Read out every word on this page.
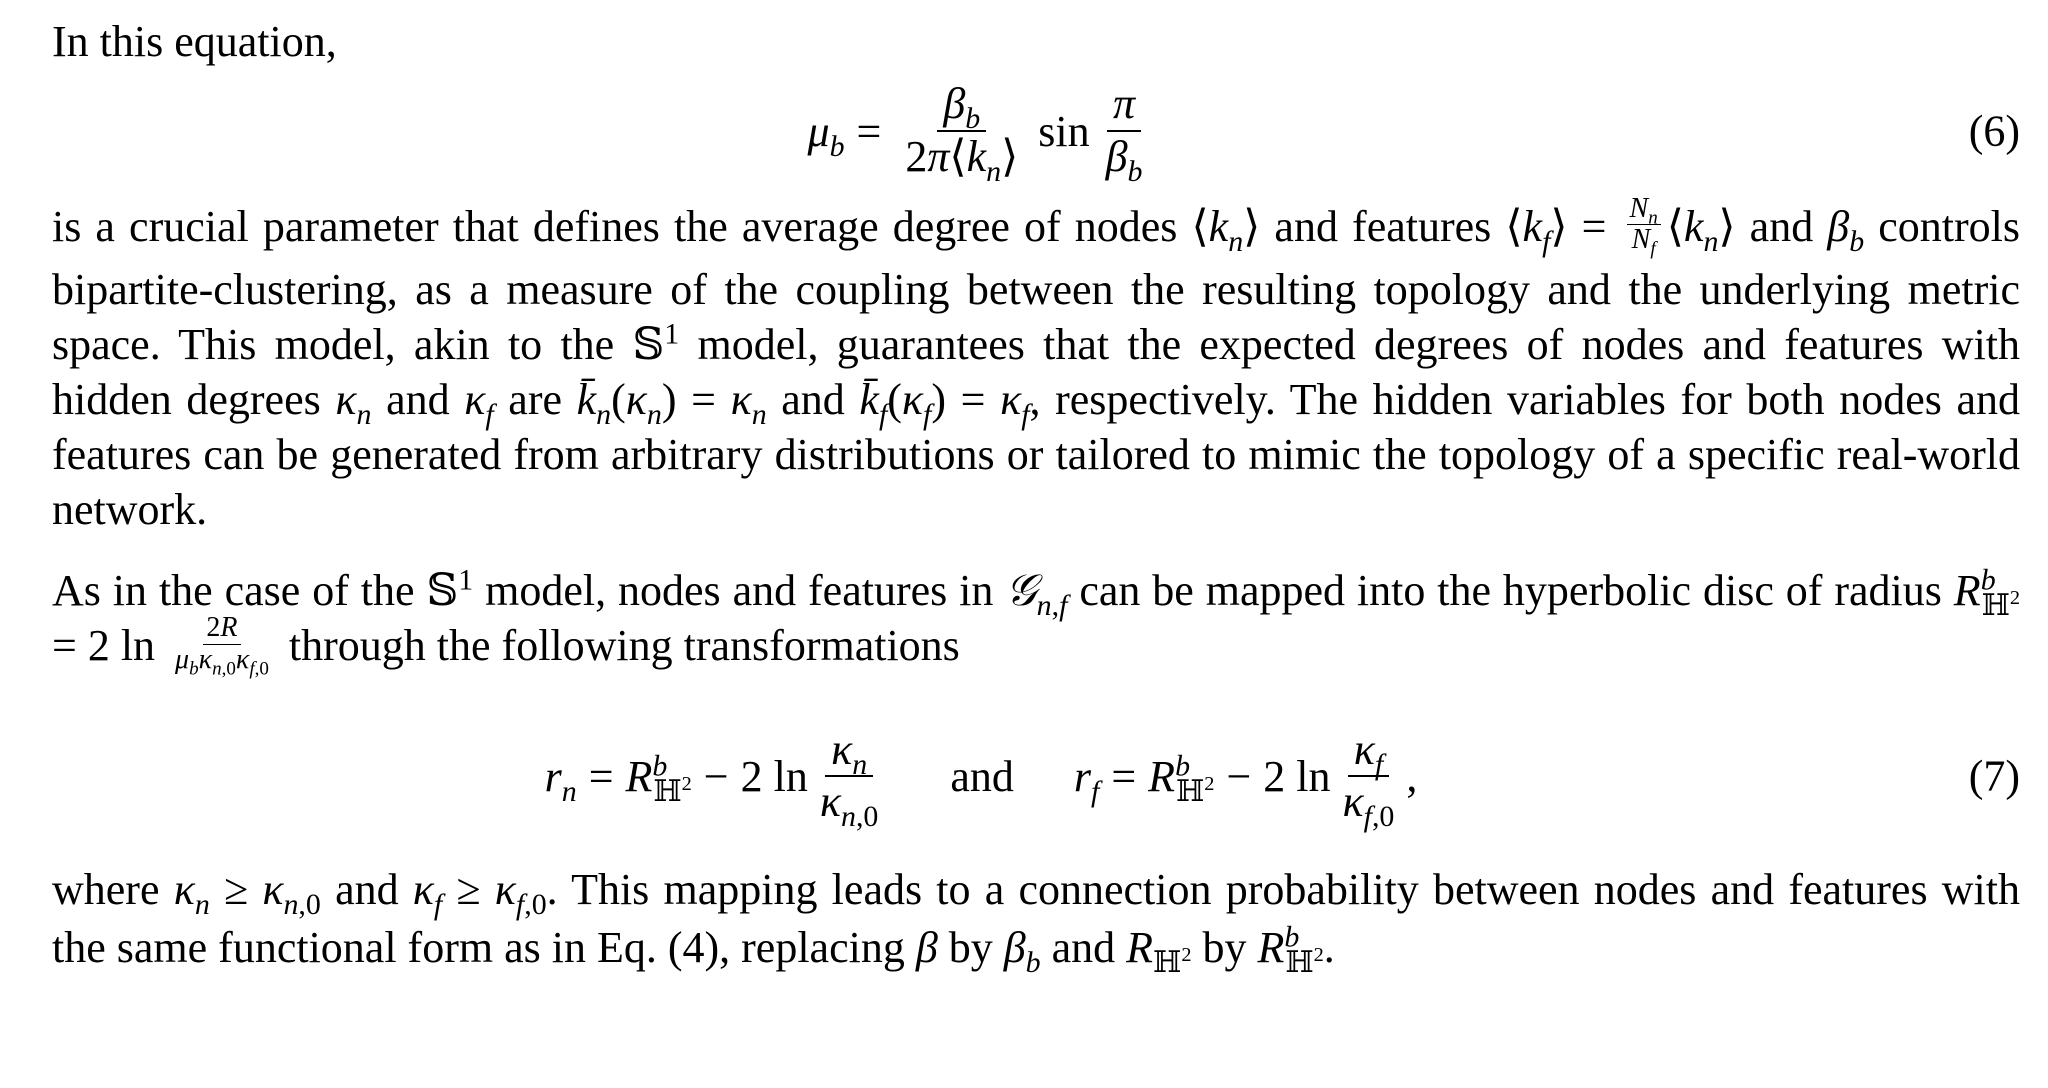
In this equation,
$\mu_b = \frac{\beta_b}{2\pi⟨k_n⟩}$ $\sin \frac{\pi}{\beta_b}$	(6)
is a crucial parameter that defines the average degree of nodes $⟨k_n⟩$ and features $⟨k_f⟩ = \frac{N_n}{N_f}$ $⟨k_n⟩$ and $\beta_b$ controls bipartite-clustering, as a measure of the coupling between the resulting topology and the underlying metric space. This model, akin to the 𝕊$^1$ model, guarantees that the expected degrees of nodes and features with hidden degrees $\kappa_n$ and $\kappa_f$ are $k̄_n(\kappa_n) = \kappa_n$ and $k̄_f(\kappa_f) = \kappa_f$, respectively. The hidden variables for both nodes and features can be generated from arbitrary distributions or tailored to mimic the topology of a specific real-world network.
As in the case of the 𝕊$^1$ model, nodes and features in 𝒢$_{n,f}$ can be mapped into the hyperbolic disc of radius $R^b_{ℍ^2} = 2$ $\ln \frac{2R}{\mu_b\kappa_{n,0}\kappa_{f,0}}$ through the following transformations
$r_n = R^b_{ℍ^2} - 2$ $\ln \frac{\kappa_n}{\kappa_{n,0}}$ and $r_f = R^b_{ℍ^2} - 2$ $\ln \frac{\kappa_f}{\kappa_{f,0}}$ ,	(7)
where $\kappa_n \ge \kappa_{n,0}$ and $\kappa_f \ge \kappa_{f,0}$. This mapping leads to a connection probability between nodes and features with the same functional form as in Eq. (4), replacing β by $\beta_b$ and $R_{ℍ^2}$ by $R^b_{ℍ^2}$.
